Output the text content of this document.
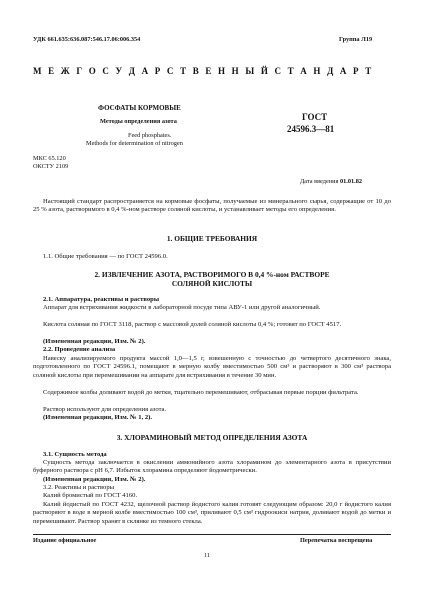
УДК 661.635:636.087:546.17.06:006.354	Группа Л19
М Е Ж Г О С У Д А Р С Т В Е Н Н Ы Й С Т А Н Д А Р Т
ФОСФАТЫ КОРМОВЫЕ
Методы определения азота
Feed phosphates.
Methods for determination of nitrogen
ГОСТ
24596.3—81
МКС 65.120
ОКСТУ 2109
Дата введения 01.01.82
Настоящий стандарт распространяется на кормовые фосфаты, получаемые из минерального сырья, содержащие от 10 до 25 % азота, растворимого в 0,4 %-ном растворе соляной кислоты, и устанавливает методы его определения.
1. ОБЩИЕ ТРЕБОВАНИЯ
1.1. Общие требования — по ГОСТ 24596.0.
2. ИЗВЛЕЧЕНИЕ АЗОТА, РАСТВОРИМОГО В 0,4 %-ном РАСТВОРЕ
СОЛЯНОЙ КИСЛОТЫ
2.1. Аппаратура, реактивы и растворы
Аппарат для встряхивания жидкости в лабораторной посуде типа АВУ-1 или другой аналогичный.
Кислота соляная по ГОСТ 3118, раствор с массовой долей соляной кислоты 0,4 %; готовят по ГОСТ 4517.
(Измененная редакция, Изм. № 2).
2.2. Проведение анализа
Навеску анализируемого продукта массой 1,0—1,5 г, взвешенную с точностью до четвертого десятичного знака, подготовленного по ГОСТ 24596.1, помещают в мерную колбу вместимостью 500 см³ и растворяют в 300 см³ раствора соляной кислоты при перемешивании на аппарате для встряхивания в течение 30 мин.
Содержимое колбы доливают водой до метки, тщательно перемешивают, отбрасывая первые порции фильтрата.
Раствор используют для определения азота.
(Измененная редакция, Изм. № 1, 2).
3. ХЛОРАМИНОВЫЙ МЕТОД ОПРЕДЕЛЕНИЯ АЗОТА
3.1. Сущность метода
Сущность метода заключается в окислении аммонийного азота хлорамином до элементарного азота в присутствии буферного раствора с рН 6,7. Избыток хлорамина определяют йодометрически.
(Измененная редакция, Изм. № 2).
3.2. Реактивы и растворы
Калий бромистый по ГОСТ 4160.
Калий йодистый по ГОСТ 4232, щелочной раствор йодистого калия готовят следующим образом: 20,0 г йодистого калия растворяют в воде в мерной колбе вместимостью 100 см³, приливают 0,5 см³ гидроокиси натрия, доливают водой до метки и перемешивают. Раствор хранят в склянке из темного стекла.
Издание официальное	Перепечатка воспрещена
11
